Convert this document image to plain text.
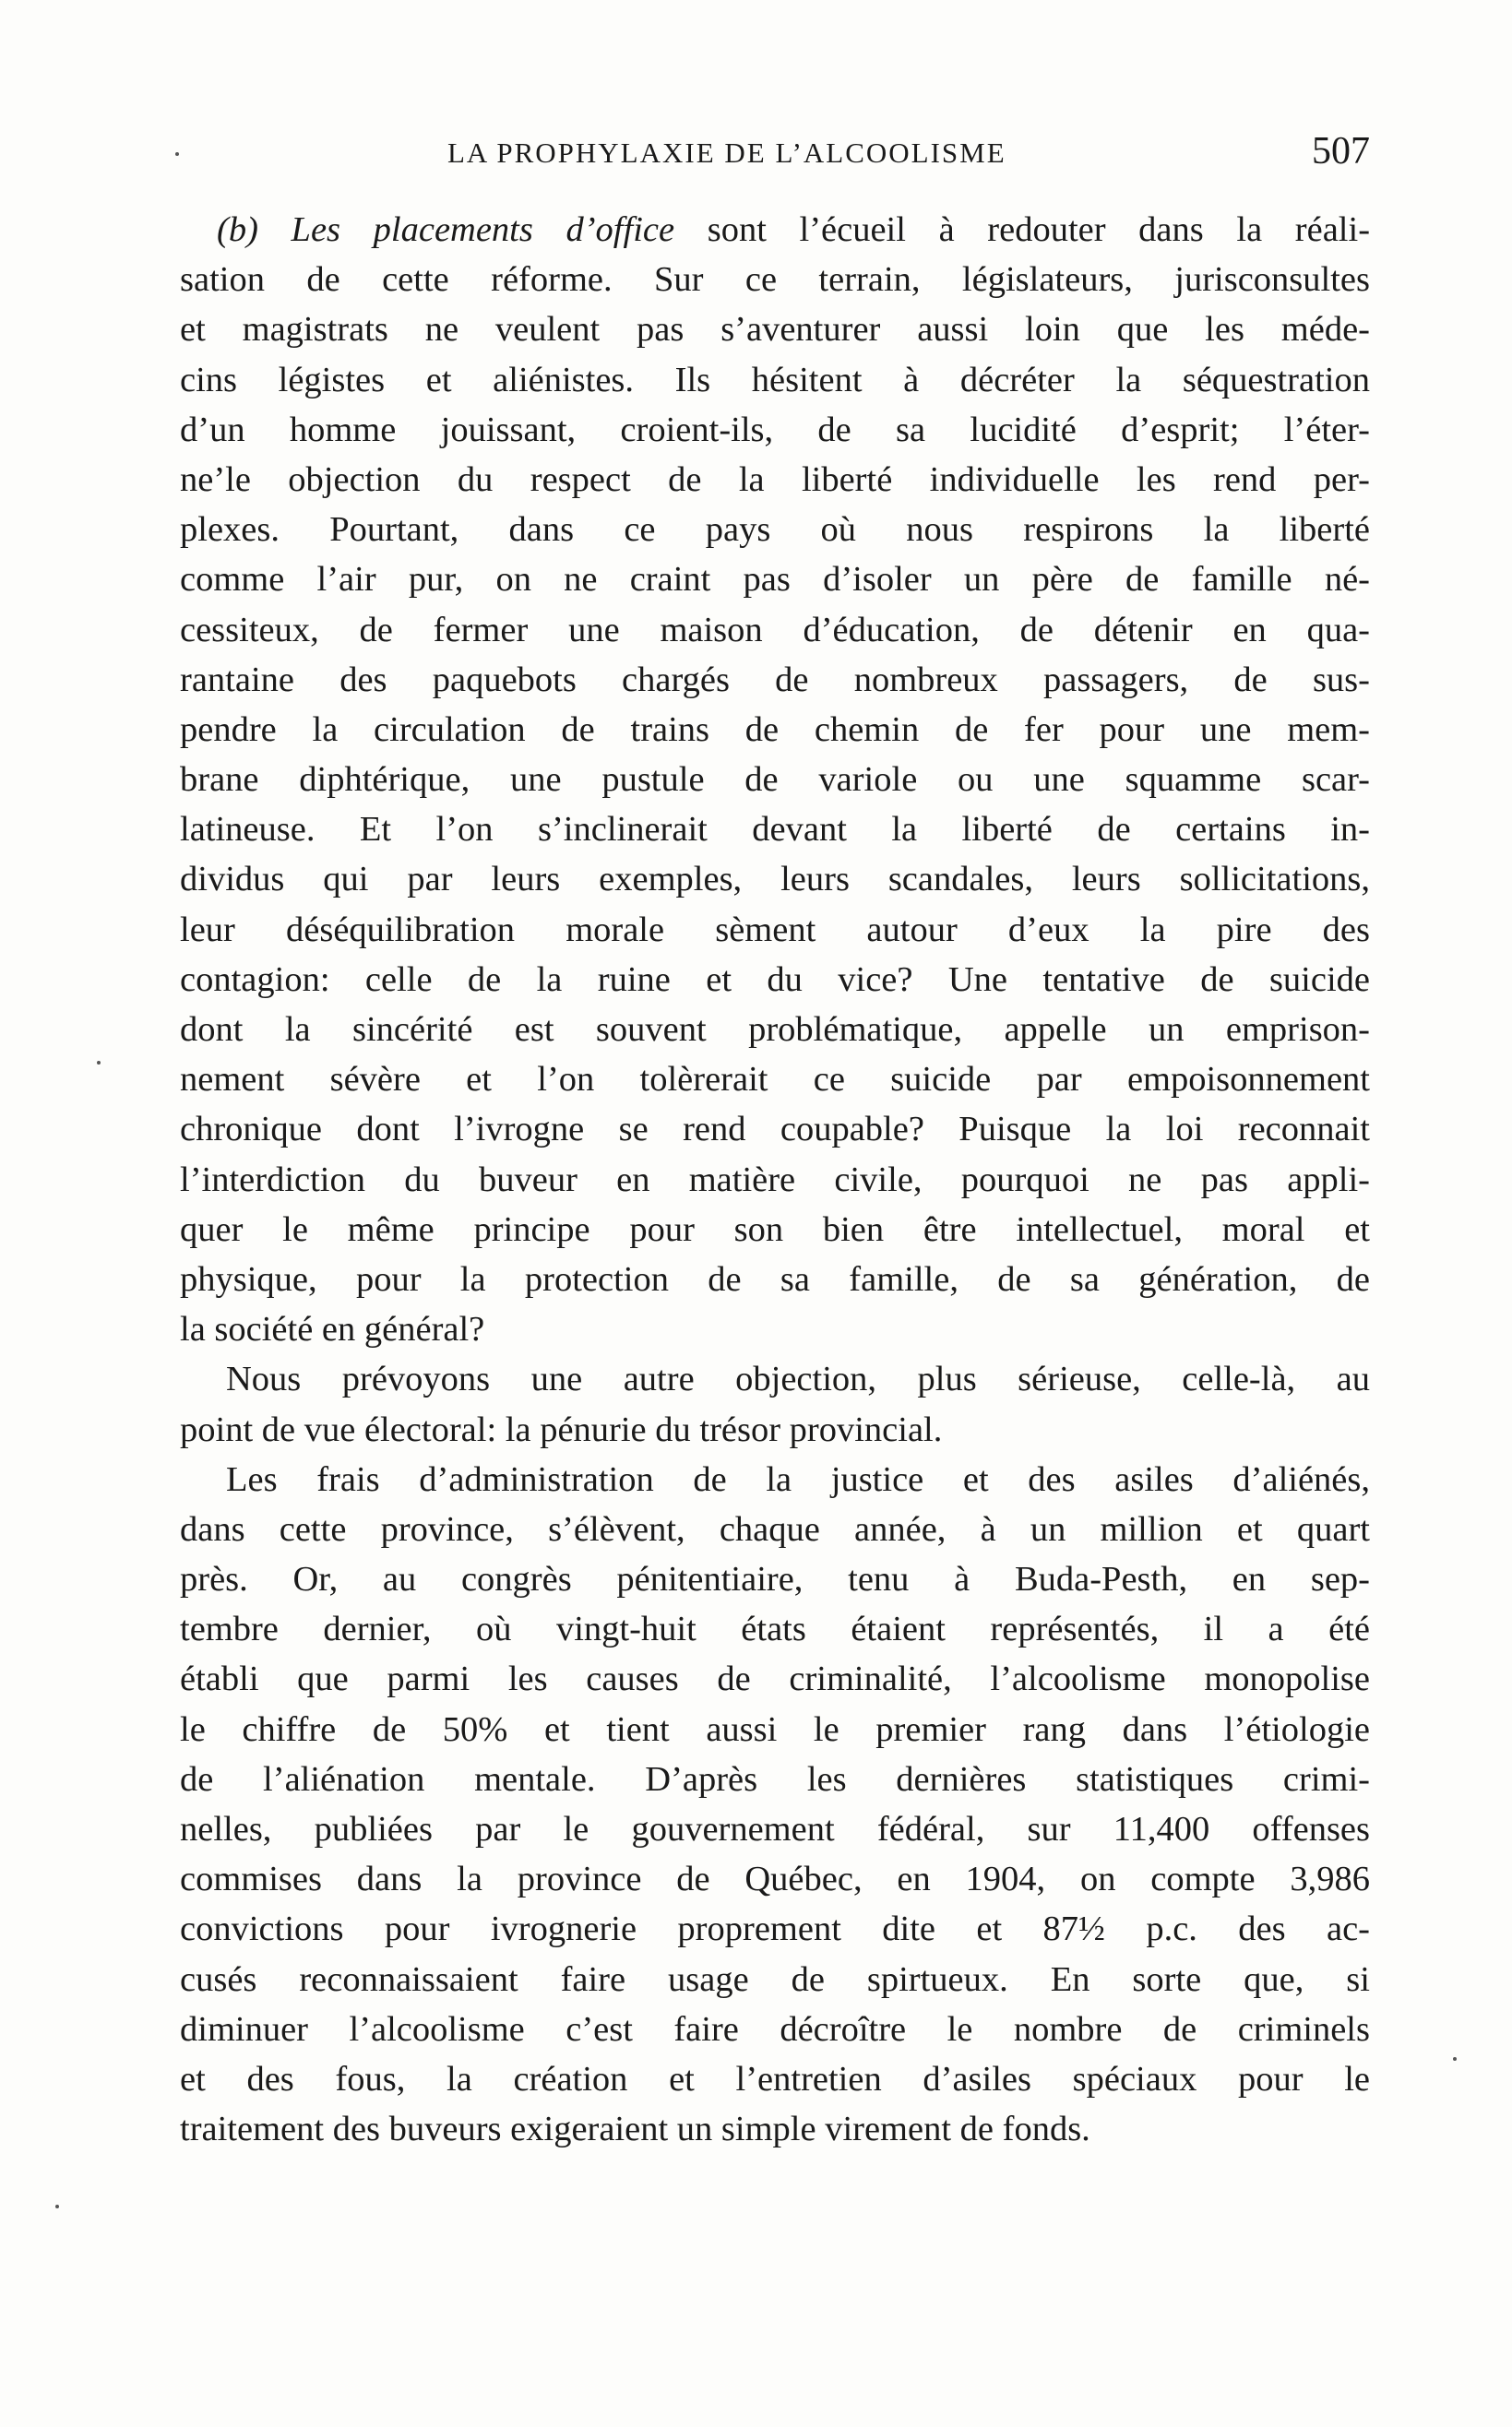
LA PROPHYLAXIE DE L’ALCOOLISME	507
(b) Les placements d’office sont l’écueil à redouter dans la réali-
sation de cette réforme. Sur ce terrain, législateurs, jurisconsultes
et magistrats ne veulent pas s’aventurer aussi loin que les méde-
cins légistes et aliénistes. Ils hésitent à décréter la séquestration
d’un homme jouissant, croient-ils, de sa lucidité d’esprit; l’éter-
ne’le objection du respect de la liberté individuelle les rend per-
plexes. Pourtant, dans ce pays où nous respirons la liberté
comme l’air pur, on ne craint pas d’isoler un père de famille né-
cessiteux, de fermer une maison d’éducation, de détenir en qua-
rantaine des paquebots chargés de nombreux passagers, de sus-
pendre la circulation de trains de chemin de fer pour une mem-
brane diphtérique, une pustule de variole ou une squamme scar-
latineuse. Et l’on s’inclinerait devant la liberté de certains in-
dividus qui par leurs exemples, leurs scandales, leurs sollicitations,
leur déséquilibration morale sèment autour d’eux la pire des
contagion: celle de la ruine et du vice? Une tentative de suicide
dont la sincérité est souvent problématique, appelle un emprison-
nement sévère et l’on tolèrerait ce suicide par empoisonnement
chronique dont l’ivrogne se rend coupable? Puisque la loi reconnait
l’interdiction du buveur en matière civile, pourquoi ne pas appli-
quer le même principe pour son bien être intellectuel, moral et
physique, pour la protection de sa famille, de sa génération, de
la société en général?
Nous prévoyons une autre objection, plus sérieuse, celle-là, au
point de vue électoral: la pénurie du trésor provincial.
Les frais d’administration de la justice et des asiles d’aliénés,
dans cette province, s’élèvent, chaque année, à un million et quart
près. Or, au congrès pénitentiaire, tenu à Buda-Pesth, en sep-
tembre dernier, où vingt-huit états étaient représentés, il a été
établi que parmi les causes de criminalité, l’alcoolisme monopolise
le chiffre de 50% et tient aussi le premier rang dans l’étiologie
de l’aliénation mentale. D’après les dernières statistiques crimi-
nelles, publiées par le gouvernement fédéral, sur 11,400 offenses
commises dans la province de Québec, en 1904, on compte 3,986
convictions pour ivrognerie proprement dite et 87½ p.c. des ac-
cusés reconnaissaient faire usage de spirtueux. En sorte que, si
diminuer l’alcoolisme c’est faire décroître le nombre de criminels
et des fous, la création et l’entretien d’asiles spéciaux pour le
traitement des buveurs exigeraient un simple virement de fonds.
